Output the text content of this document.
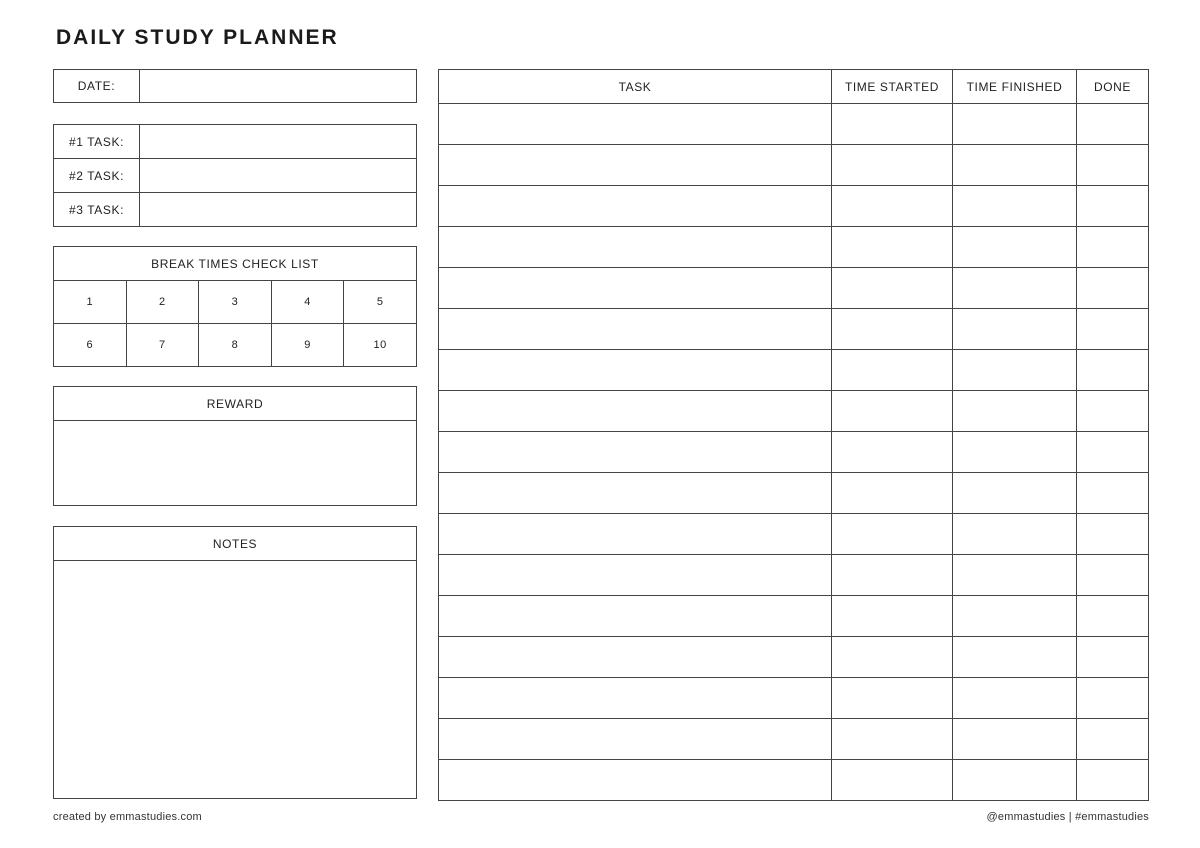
DAILY STUDY PLANNER
DATE:	
#1 TASK:	
#2 TASK:	
#3 TASK:	
BREAK TIMES CHECK LIST				
1	2	3	4	5
6	7	8	9	10
REWARD

NOTES

TASK	TIME STARTED	TIME FINISHED	DONE

created by emmastudies.com	@emmastudies | #emmastudies
